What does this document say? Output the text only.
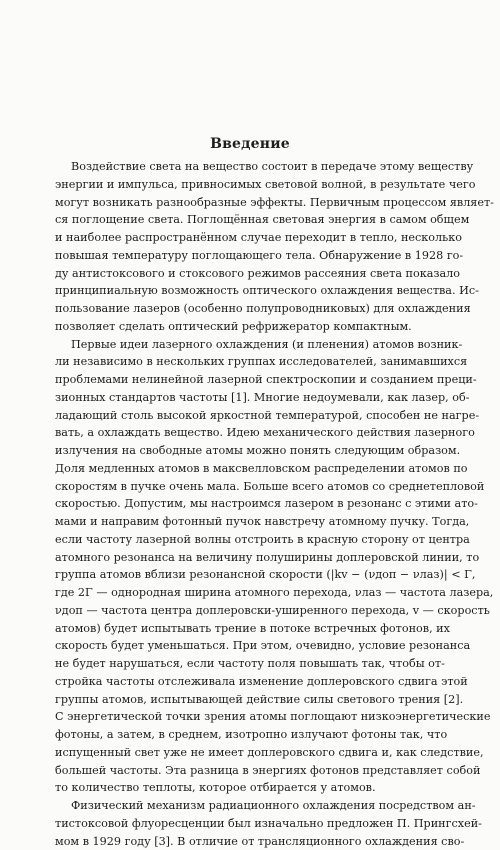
Введение
Воздействие света на вещество состоит в передаче этому веществу
энергии и импульса, привносимых световой волной, в результате чего
могут возникать разнообразные эффекты. Первичным процессом являет-
ся поглощение света. Поглощённая световая энергия в самом общем
и наиболее распространённом случае переходит в тепло, несколько
повышая температуру поглощающего тела. Обнаружение в 1928 го-
ду антистоксового и стоксового режимов рассеяния света показало
принципиальную возможность оптического охлаждения вещества. Ис-
пользование лазеров (особенно полупроводниковых) для охлаждения
позволяет сделать оптический рефрижератор компактным.
Первые идеи лазерного охлаждения (и пленения) атомов возник-
ли независимо в нескольких группах исследователей, занимавшихся
проблемами нелинейной лазерной спектроскопии и созданием преци-
зионных стандартов частоты [1]. Многие недоумевали, как лазер, об-
ладающий столь высокой яркостной температурой, способен не нагре-
вать, а охлаждать вещество. Идею механического действия лазерного
излучения на свободные атомы можно понять следующим образом.
Доля медленных атомов в максвелловском распределении атомов по
скоростям в пучке очень мала. Больше всего атомов со среднетепловой
скоростью. Допустим, мы настроимся лазером в резонанс с этими ато-
мами и направим фотонный пучок навстречу атомному пучку. Тогда,
если частоту лазерной волны отстроить в красную сторону от центра
атомного резонанса на величину полуширины доплеровской линии, то
группа атомов вблизи резонансной скорости (|kv − (νдоп − νлаз)| < Γ,
где 2Γ — однородная ширина атомного перехода, νлаз — частота лазера,
νдоп — частота центра доплеровски-уширенного перехода, v — скорость
атомов) будет испытывать трение в потоке встречных фотонов, их
скорость будет уменьшаться. При этом, очевидно, условие резонанса
не будет нарушаться, если частоту поля повышать так, чтобы от-
стройка частоты отслеживала изменение доплеровского сдвига этой
группы атомов, испытывающей действие силы светового трения [2].
С энергетической точки зрения атомы поглощают низкоэнергетические
фотоны, а затем, в среднем, изотропно излучают фотоны так, что
испущенный свет уже не имеет доплеровского сдвига и, как следствие,
большей частоты. Эта разница в энергиях фотонов представляет собой
то количество теплоты, которое отбирается у атомов.
Физический механизм радиационного охлаждения посредством ан-
тистоксовой флуоресценции был изначально предложен П. Прингсхей-
мом в 1929 году [3]. В отличие от трансляционного охлаждения сво-
